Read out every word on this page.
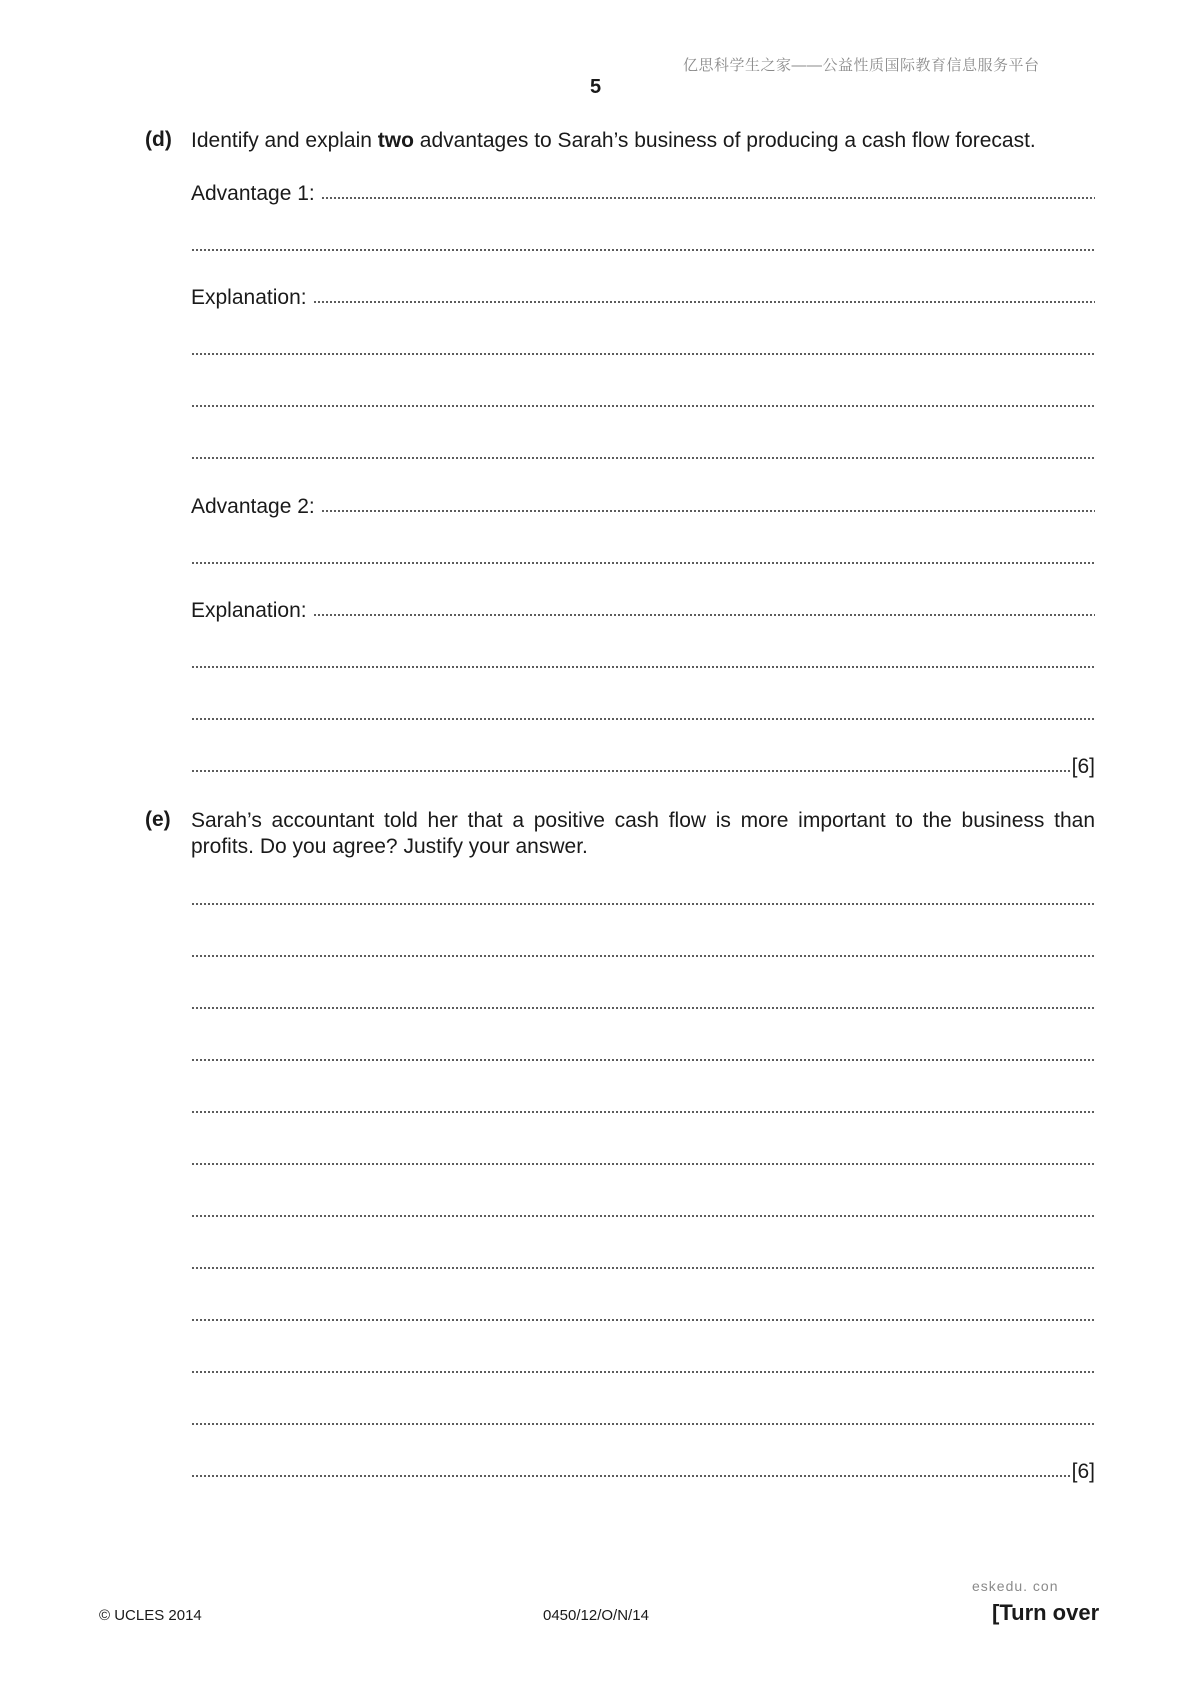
亿思科学生之家——公益性质国际教育信息服务平台
5
(d) Identify and explain two advantages to Sarah’s business of producing a cash flow forecast.
Advantage 1:
Explanation:
Advantage 2:
Explanation:
[6]
(e) Sarah’s accountant told her that a positive cash flow is more important to the business than
profits. Do you agree? Justify your answer.
[6]
eskedu. con
© UCLES 2014	0450/12/O/N/14	[Turn over
